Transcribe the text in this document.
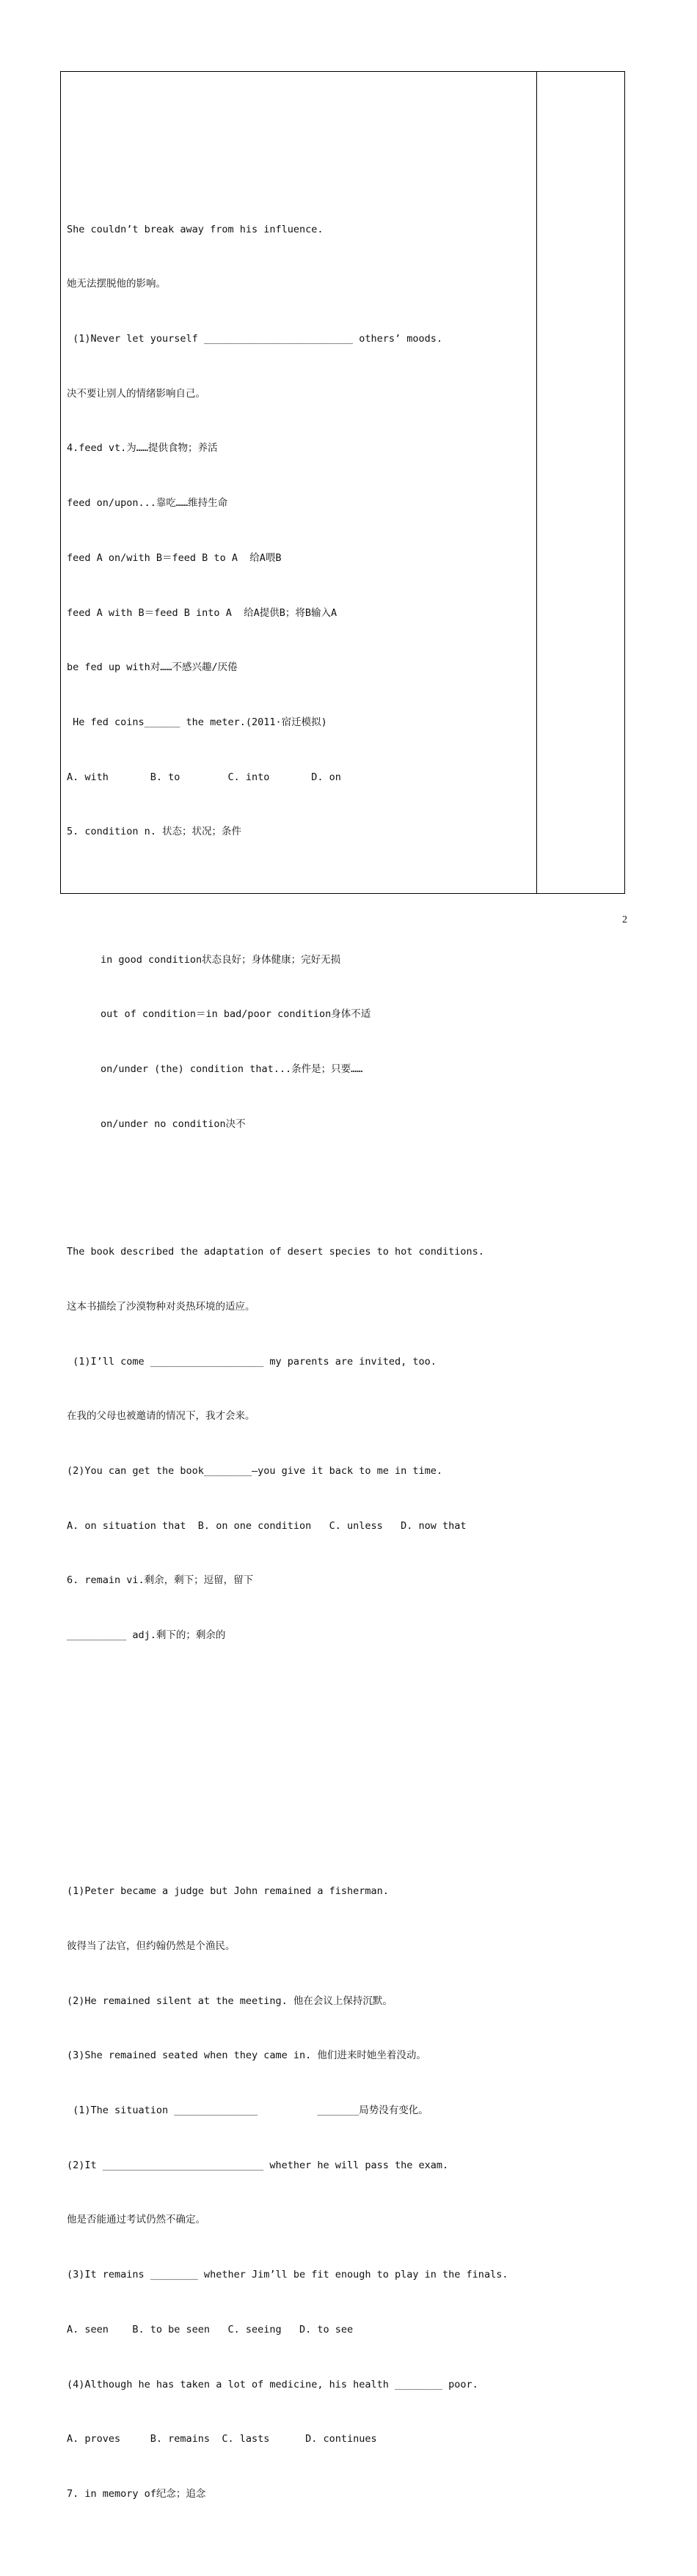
She couldn’t break away from his influence.

她无法摆脱他的影响。

(1)Never let yourself _________________________ others’ moods.

决不要让别人的情绪影响自己。

4.feed vt.为……提供食物；养活

feed on/upon...靠吃……维持生命

feed A on/with B＝feed B to A  给A喂B

feed A with B＝feed B into A  给A提供B；将B输入A

be fed up with对……不感兴趣/厌倦

He fed coins______ the meter.(2011·宿迁模拟)

A. with       B. to        C. into       D. on

5. condition n. 状态；状况；条件

in good condition状态良好；身体健康；完好无损

out of condition＝in bad/poor condition身体不适

on/under (the) condition that...条件是；只要……

on/under no condition决不

The book described the adaptation of desert species to hot conditions.

这本书描绘了沙漠物种对炎热环境的适应。

(1)I’ll come ___________________ my parents are invited, too.

在我的父母也被邀请的情况下，我才会来。

(2)You can get the book________—you give it back to me in time.

A. on situation that  B. on one condition   C. unless   D. now that

6. remain vi.剩余，剩下；逗留，留下

__________ adj.剩下的；剩余的

(1)Peter became a judge but John remained a fisherman.

彼得当了法官，但约翰仍然是个渔民。

(2)He remained silent at the meeting. 他在会议上保持沉默。

(3)She remained seated when they came in. 他们进来时她坐着没动。

(1)The situation ______________          _______局势没有变化。

(2)It ___________________________ whether he will pass the exam.

他是否能通过考试仍然不确定。

(3)It remains ________ whether Jim’ll be fit enough to play in the finals.

A. seen    B. to be seen   C. seeing   D. to see

(4)Although he has taken a lot of medicine, his health ________ poor.

A. proves     B. remains  C. lasts      D. continues

7. in memory of纪念；追念

2
